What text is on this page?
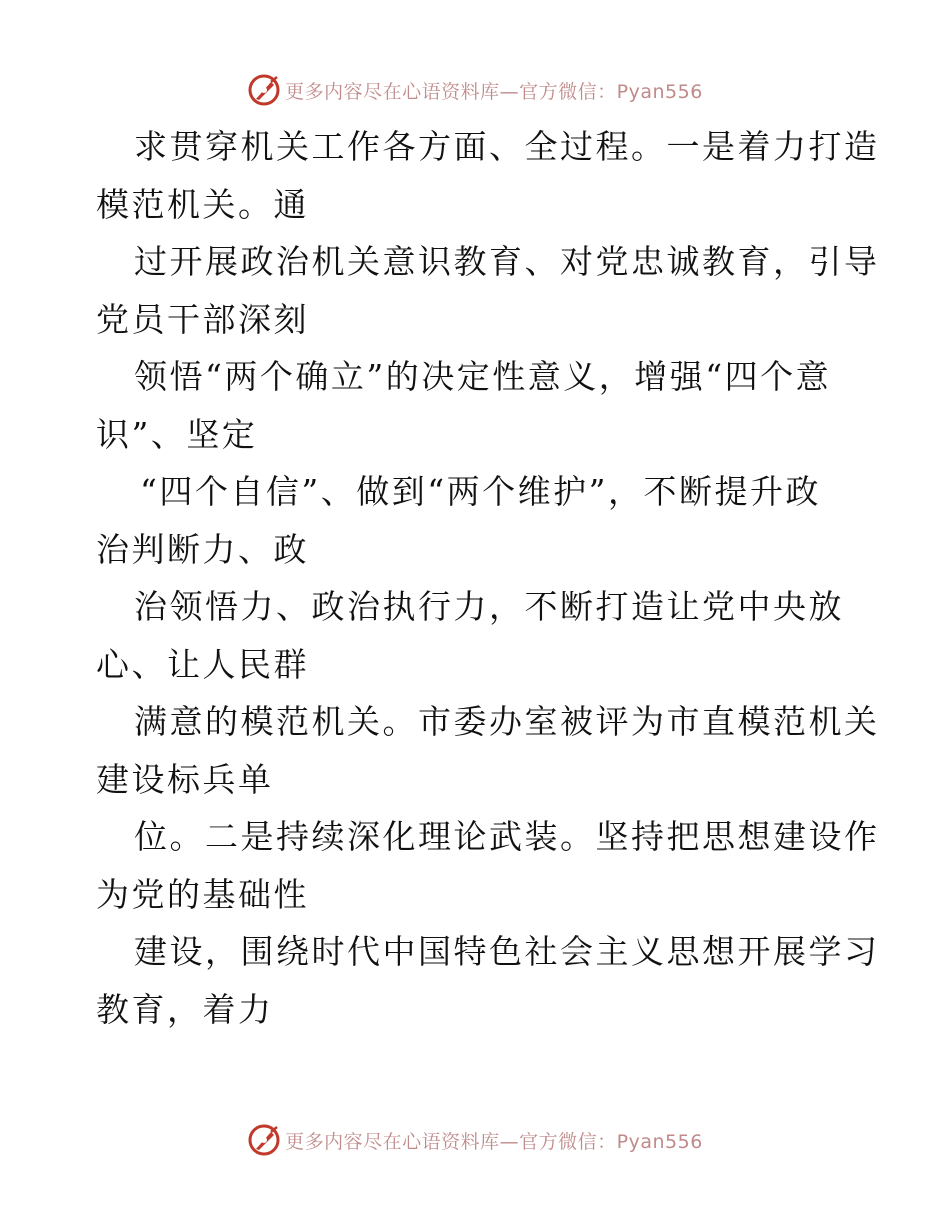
更多内容尽在心语资料库—官方微信：Pyan556
求贯穿机关工作各方面、全过程。一是着力打造
模范机关。通
过开展政治机关意识教育、对党忠诚教育，引导
党员干部深刻
领悟“两个确立”的决定性意义，增强“四个意
识”、坚定
“四个自信”、做到“两个维护”，不断提升政
治判断力、政
治领悟力、政治执行力，不断打造让党中央放
心、让人民群
满意的模范机关。市委办室被评为市直模范机关
建设标兵单
位。二是持续深化理论武装。坚持把思想建设作
为党的基础性
建设，围绕时代中国特色社会主义思想开展学习
教育，着力
更多内容尽在心语资料库—官方微信：Pyan556
